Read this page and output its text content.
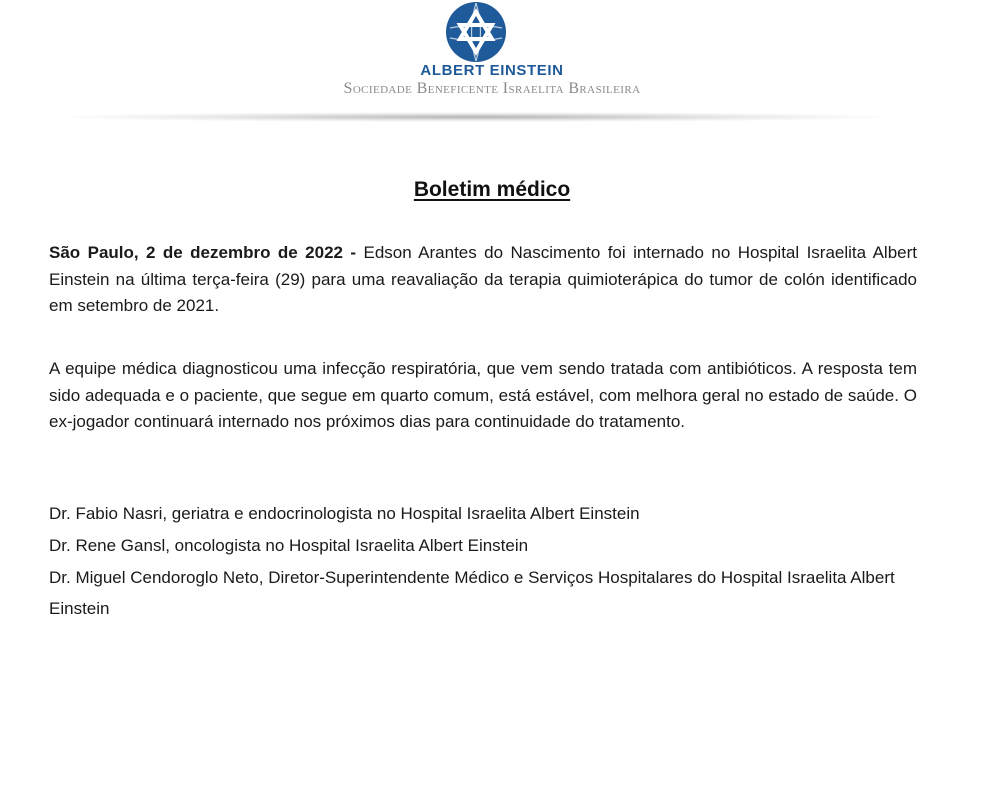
ALBERT EINSTEIN
Sociedade Beneficente Israelita Brasileira
Boletim médico
São Paulo, 2 de dezembro de 2022 - Edson Arantes do Nascimento foi internado no Hospital Israelita Albert Einstein na última terça-feira (29) para uma reavaliação da terapia quimioterápica do tumor de colón identificado em setembro de 2021.
A equipe médica diagnosticou uma infecção respiratória, que vem sendo tratada com antibióticos. A resposta tem sido adequada e o paciente, que segue em quarto comum, está estável, com melhora geral no estado de saúde. O ex-jogador continuará internado nos próximos dias para continuidade do tratamento.
Dr. Fabio Nasri, geriatra e endocrinologista no Hospital Israelita Albert Einstein
Dr. Rene Gansl, oncologista no Hospital Israelita Albert Einstein
Dr. Miguel Cendoroglo Neto, Diretor-Superintendente Médico e Serviços Hospitalares do Hospital Israelita Albert Einstein
